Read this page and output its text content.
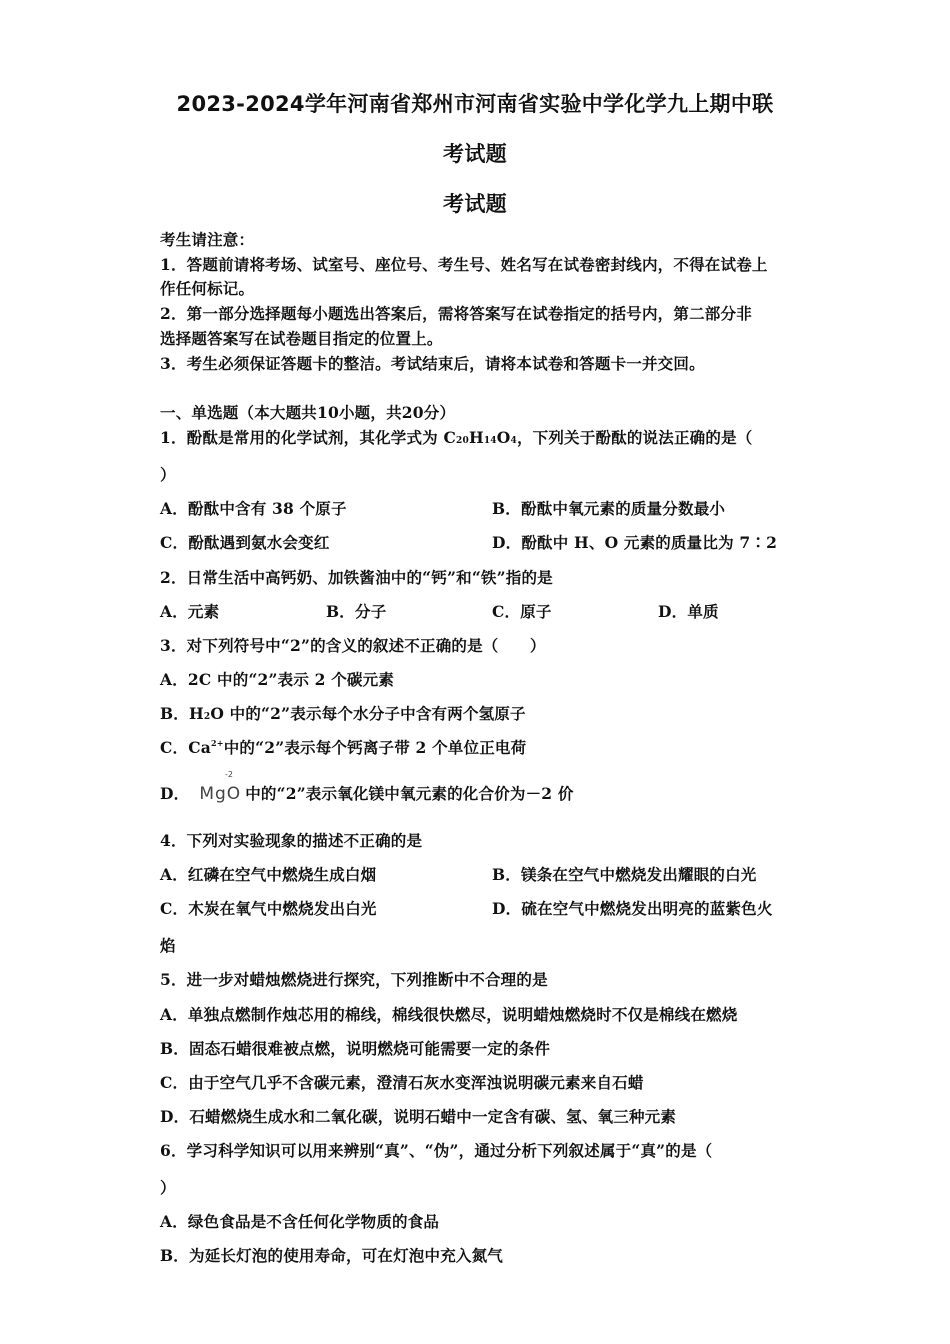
2023-2024学年河南省郑州市河南省实验中学化学九上期中联
考试题
考试题
考生请注意：
1．答题前请将考场、试室号、座位号、考生号、姓名写在试卷密封线内，不得在试卷上
作任何标记。
2．第一部分选择题每小题选出答案后，需将答案写在试卷指定的括号内，第二部分非
选择题答案写在试卷题目指定的位置上。
3．考生必须保证答题卡的整洁。考试结束后，请将本试卷和答题卡一并交回。
一、单选题（本大题共10小题，共20分）
1．酚酞是常用的化学试剂，其化学式为 C20H14O4，下列关于酚酞的说法正确的是（
）
A．酚酞中含有 38 个原子	B．酚酞中氧元素的质量分数最小
C．酚酞遇到氨水会变红	D．酚酞中 H、O 元素的质量比为 7∶2
2．日常生活中高钙奶、加铁酱油中的“钙”和“铁”指的是
A．元素	B．分子	C．原子	D．单质
3．对下列符号中“2”的含义的叙述不正确的是（　　）
A．2C 中的“2”表示 2 个碳元素
B．H2O 中的“2”表示每个水分子中含有两个氢原子
C．$Ca^{2+}$中的“2”表示每个钙离子带 2 个单位正电荷
-2
D． MgO 中的“2”表示氧化镁中氧元素的化合价为－2 价
4．下列对实验现象的描述不正确的是
A．红磷在空气中燃烧生成白烟	B．镁条在空气中燃烧发出耀眼的白光
C．木炭在氧气中燃烧发出白光	D．硫在空气中燃烧发出明亮的蓝紫色火
焰
5．进一步对蜡烛燃烧进行探究，下列推断中不合理的是
A．单独点燃制作烛芯用的棉线，棉线很快燃尽，说明蜡烛燃烧时不仅是棉线在燃烧
B．固态石蜡很难被点燃，说明燃烧可能需要一定的条件
C．由于空气几乎不含碳元素，澄清石灰水变浑浊说明碳元素来自石蜡
D．石蜡燃烧生成水和二氧化碳，说明石蜡中一定含有碳、氢、氧三种元素
6．学习科学知识可以用来辨别“真”、“伪”，通过分析下列叙述属于“真”的是（
）
A．绿色食品是不含任何化学物质的食品
B．为延长灯泡的使用寿命，可在灯泡中充入氮气
